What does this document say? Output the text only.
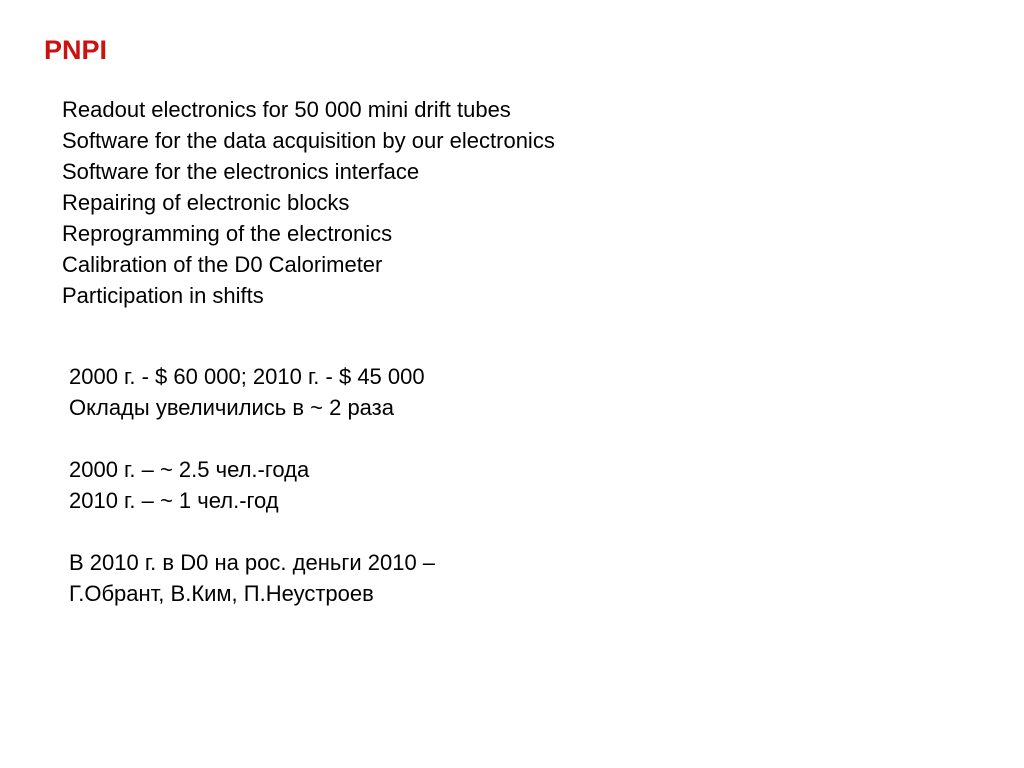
PNPI
Readout electronics for 50 000 mini drift tubes
Software for the data acquisition by our electronics
Software for the electronics interface
Repairing of electronic blocks
Reprogramming of the electronics
Calibration of the D0 Calorimeter
Participation in shifts
2000 г. - $ 60 000; 2010 г. - $ 45 000
Оклады увеличились в ~ 2 раза
2000 г. – ~ 2.5 чел.-года
2010 г. – ~ 1 чел.-год
В 2010 г. в D0 на рос. деньги 2010 –
Г.Обрант, В.Ким, П.Неустроев
